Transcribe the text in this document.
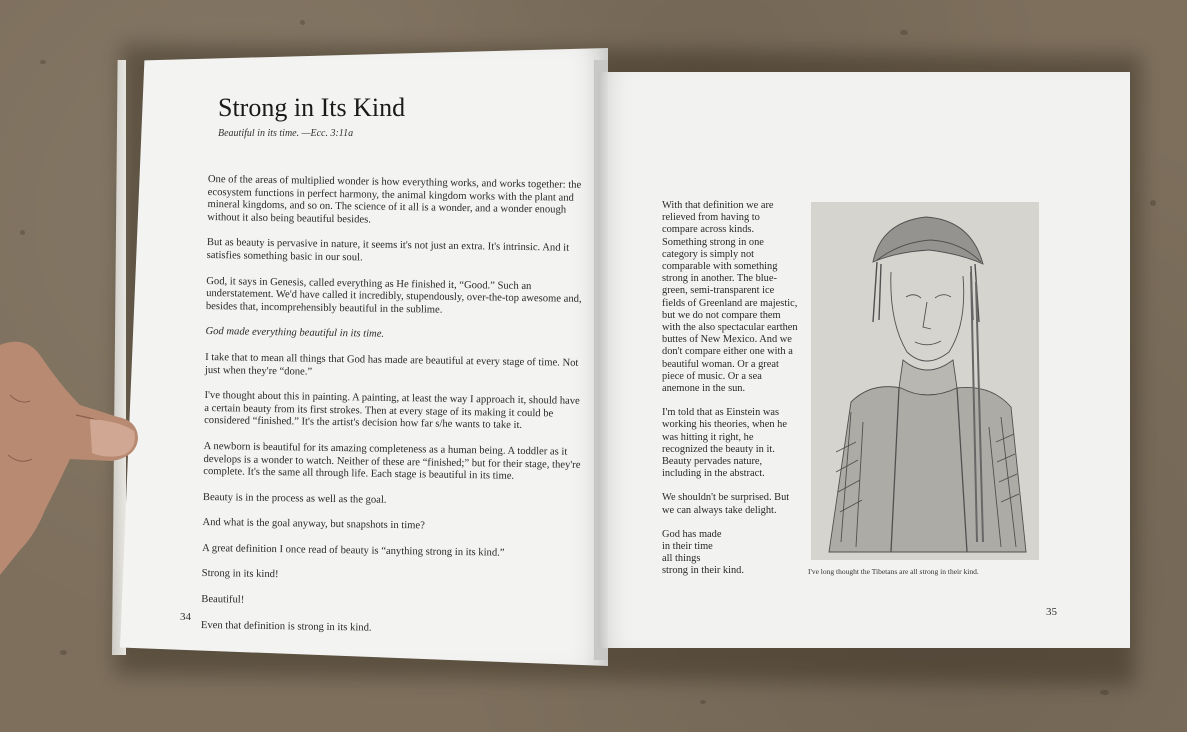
Strong in Its Kind
Beautiful in its time. —Ecc. 3:11a

One of the areas of multiplied wonder is how everything works, and works together: the ecosystem functions in perfect harmony, the animal kingdom works with the plant and mineral kingdoms, and so on. The science of it all is a wonder, and a wonder enough without it also being beautiful besides.

But as beauty is pervasive in nature, it seems it's not just an extra. It's intrinsic. And it satisfies something basic in our soul.

God, it says in Genesis, called everything as He finished it, “Good.” Such an understatement. We'd have called it incredibly, stupendously, over-the-top awesome and, besides that, incomprehensibly beautiful in the sublime.

God made everything beautiful in its time.

I take that to mean all things that God has made are beautiful at every stage of time. Not just when they're “done.”

I've thought about this in painting. A painting, at least the way I approach it, should have a certain beauty from its first strokes. Then at every stage of its making it could be considered “finished.” It's the artist's decision how far s/he wants to take it.

A newborn is beautiful for its amazing completeness as a human being. A toddler as it develops is a wonder to watch. Neither of these are “finished;” but for their stage, they're complete. It's the same all through life. Each stage is beautiful in its time.

Beauty is in the process as well as the goal.

And what is the goal anyway, but snapshots in time?

A great definition I once read of beauty is “anything strong in its kind.”

Strong in its kind!

Beautiful!

Even that definition is strong in its kind.

34

With that definition we are relieved from having to compare across kinds. Something strong in one category is simply not comparable with something strong in another. The blue-green, semi-transparent ice fields of Greenland are majestic, but we do not compare them with the also spectacular earthen buttes of New Mexico. And we don't compare either one with a beautiful woman. Or a great piece of music. Or a sea anemone in the sun.

I'm told that as Einstein was working his theories, when he was hitting it right, he recognized the beauty in it. Beauty pervades nature, including in the abstract.

We shouldn't be surprised. But we can always take delight.

God has made
in their time
all things
strong in their kind.	I've long thought the Tibetans are all strong in their kind.
35
